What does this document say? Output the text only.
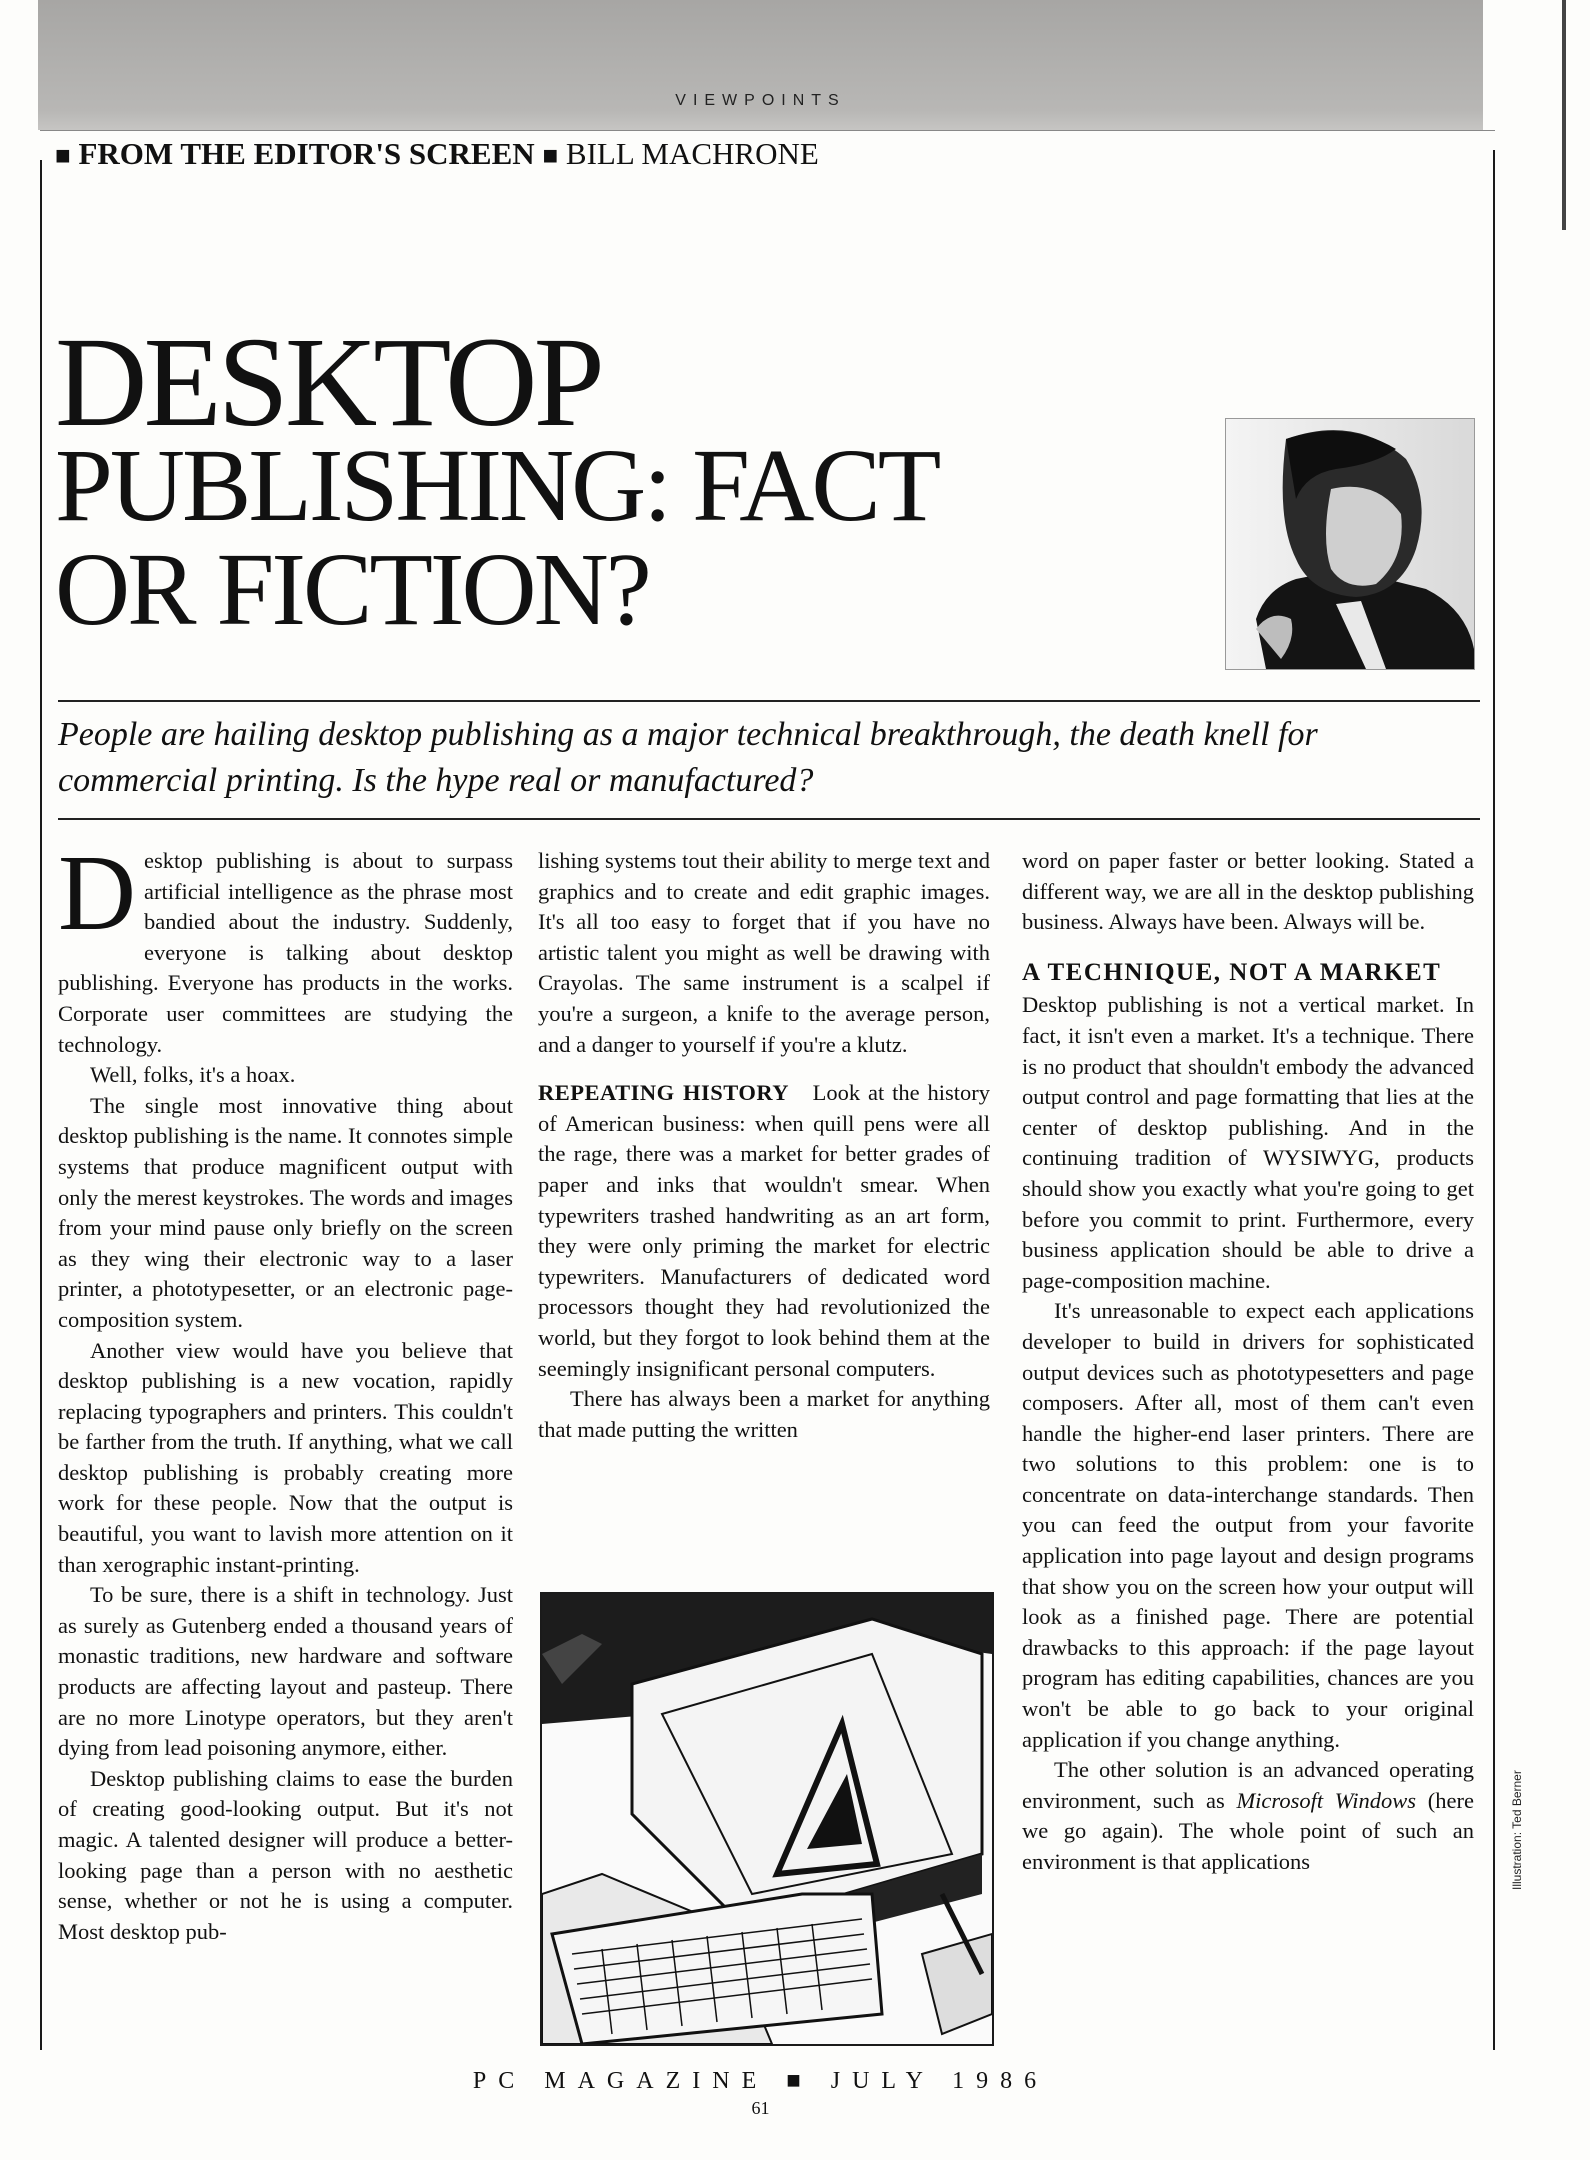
VIEWPOINTS
■ FROM THE EDITOR'S SCREEN ■ BILL MACHRONE
DESKTOP
PUBLISHING: FACT
OR FICTION?
People are hailing desktop publishing as a major technical breakthrough, the death knell for commercial printing. Is the hype real or manufactured?

Desktop publishing is about to surpass artificial intelligence as the phrase most bandied about the industry. Suddenly, everyone is talking about desktop publishing. Everyone has products in the works. Corporate user committees are studying the technology.

Well, folks, it's a hoax.

The single most innovative thing about desktop publishing is the name. It connotes simple systems that produce magnificent output with only the merest keystrokes. The words and images from your mind pause only briefly on the screen as they wing their electronic way to a laser printer, a phototypesetter, or an electronic page-composition system.

Another view would have you believe that desktop publishing is a new vocation, rapidly replacing typographers and printers. This couldn't be farther from the truth. If anything, what we call desktop publishing is probably creating more work for these people. Now that the output is beautiful, you want to lavish more attention on it than xerographic instant-printing.

To be sure, there is a shift in technology. Just as surely as Gutenberg ended a thousand years of monastic traditions, new hardware and software products are affecting layout and pasteup. There are no more Linotype operators, but they aren't dying from lead poisoning anymore, either.

Desktop publishing claims to ease the burden of creating good-looking output. But it's not magic. A talented designer will produce a better-looking page than a person with no aesthetic sense, whether or not he is using a computer. Most desktop pub-

lishing systems tout their ability to merge text and graphics and to create and edit graphic images. It's all too easy to forget that if you have no artistic talent you might as well be drawing with Crayolas. The same instrument is a scalpel if you're a surgeon, a knife to the average person, and a danger to yourself if you're a klutz.

REPEATING HISTORY Look at the history of American business: when quill pens were all the rage, there was a market for better grades of paper and inks that wouldn't smear. When typewriters trashed handwriting as an art form, they were only priming the market for electric typewriters. Manufacturers of dedicated word processors thought they had revolutionized the world, but they forgot to look behind them at the seemingly insignificant personal computers.

There has always been a market for anything that made putting the written

word on paper faster or better looking. Stated a different way, we are all in the desktop publishing business. Always have been. Always will be.

A TECHNIQUE, NOT A MARKET

Desktop publishing is not a vertical market. In fact, it isn't even a market. It's a technique. There is no product that shouldn't embody the advanced output control and page formatting that lies at the center of desktop publishing. And in the continuing tradition of WYSIWYG, products should show you exactly what you're going to get before you commit to print. Furthermore, every business application should be able to drive a page-composition machine.

It's unreasonable to expect each applications developer to build in drivers for sophisticated output devices such as phototypesetters and page composers. After all, most of them can't even handle the higher-end laser printers. There are two solutions to this problem: one is to concentrate on data-interchange standards. Then you can feed the output from your favorite application into page layout and design programs that show you on the screen how your output will look as a finished page. There are potential drawbacks to this approach: if the page layout program has editing capabilities, chances are you won't be able to go back to your original application if you change anything.

The other solution is an advanced operating environment, such as Microsoft Windows (here we go again). The whole point of such an environment is that applications	Illustration: Ted Berner
PC MAGAZINE ■ JULY 1986
61
